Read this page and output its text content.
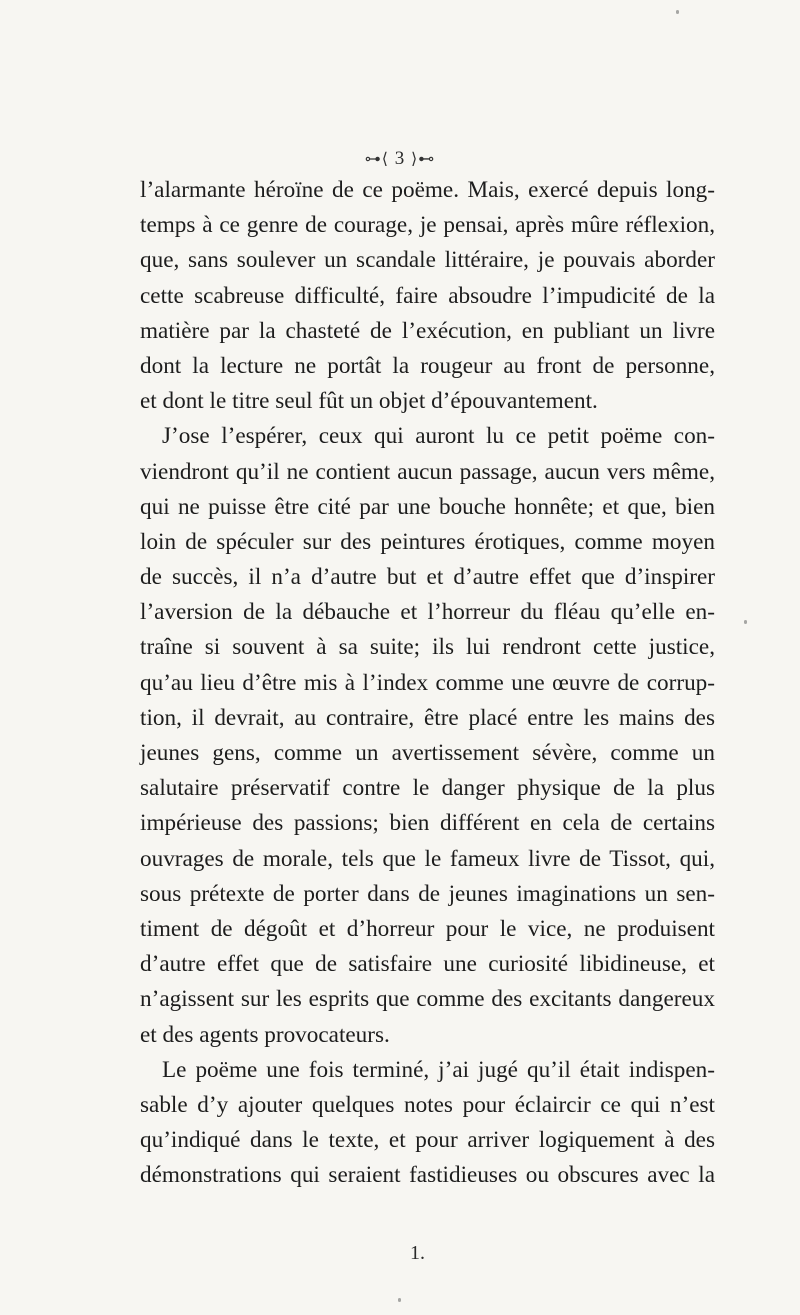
⊶⟨ 3 ⟩⊷
l’alarmante héroïne de ce poëme. Mais, exercé depuis long-
temps à ce genre de courage, je pensai, après mûre réflexion,
que, sans soulever un scandale littéraire, je pouvais aborder
cette scabreuse difficulté, faire absoudre l’impudicité de la
matière par la chasteté de l’exécution, en publiant un livre
dont la lecture ne portât la rougeur au front de personne,
et dont le titre seul fût un objet d’épouvantement.
J’ose l’espérer, ceux qui auront lu ce petit poëme con-
viendront qu’il ne contient aucun passage, aucun vers même,
qui ne puisse être cité par une bouche honnête; et que, bien
loin de spéculer sur des peintures érotiques, comme moyen
de succès, il n’a d’autre but et d’autre effet que d’inspirer
l’aversion de la débauche et l’horreur du fléau qu’elle en-
traîne si souvent à sa suite; ils lui rendront cette justice,
qu’au lieu d’être mis à l’index comme une œuvre de corrup-
tion, il devrait, au contraire, être placé entre les mains des
jeunes gens, comme un avertissement sévère, comme un
salutaire préservatif contre le danger physique de la plus
impérieuse des passions; bien différent en cela de certains
ouvrages de morale, tels que le fameux livre de Tissot, qui,
sous prétexte de porter dans de jeunes imaginations un sen-
timent de dégoût et d’horreur pour le vice, ne produisent
d’autre effet que de satisfaire une curiosité libidineuse, et
n’agissent sur les esprits que comme des excitants dangereux
et des agents provocateurs.
Le poëme une fois terminé, j’ai jugé qu’il était indispen-
sable d’y ajouter quelques notes pour éclaircir ce qui n’est
qu’indiqué dans le texte, et pour arriver logiquement à des
démonstrations qui seraient fastidieuses ou obscures avec la
1.
